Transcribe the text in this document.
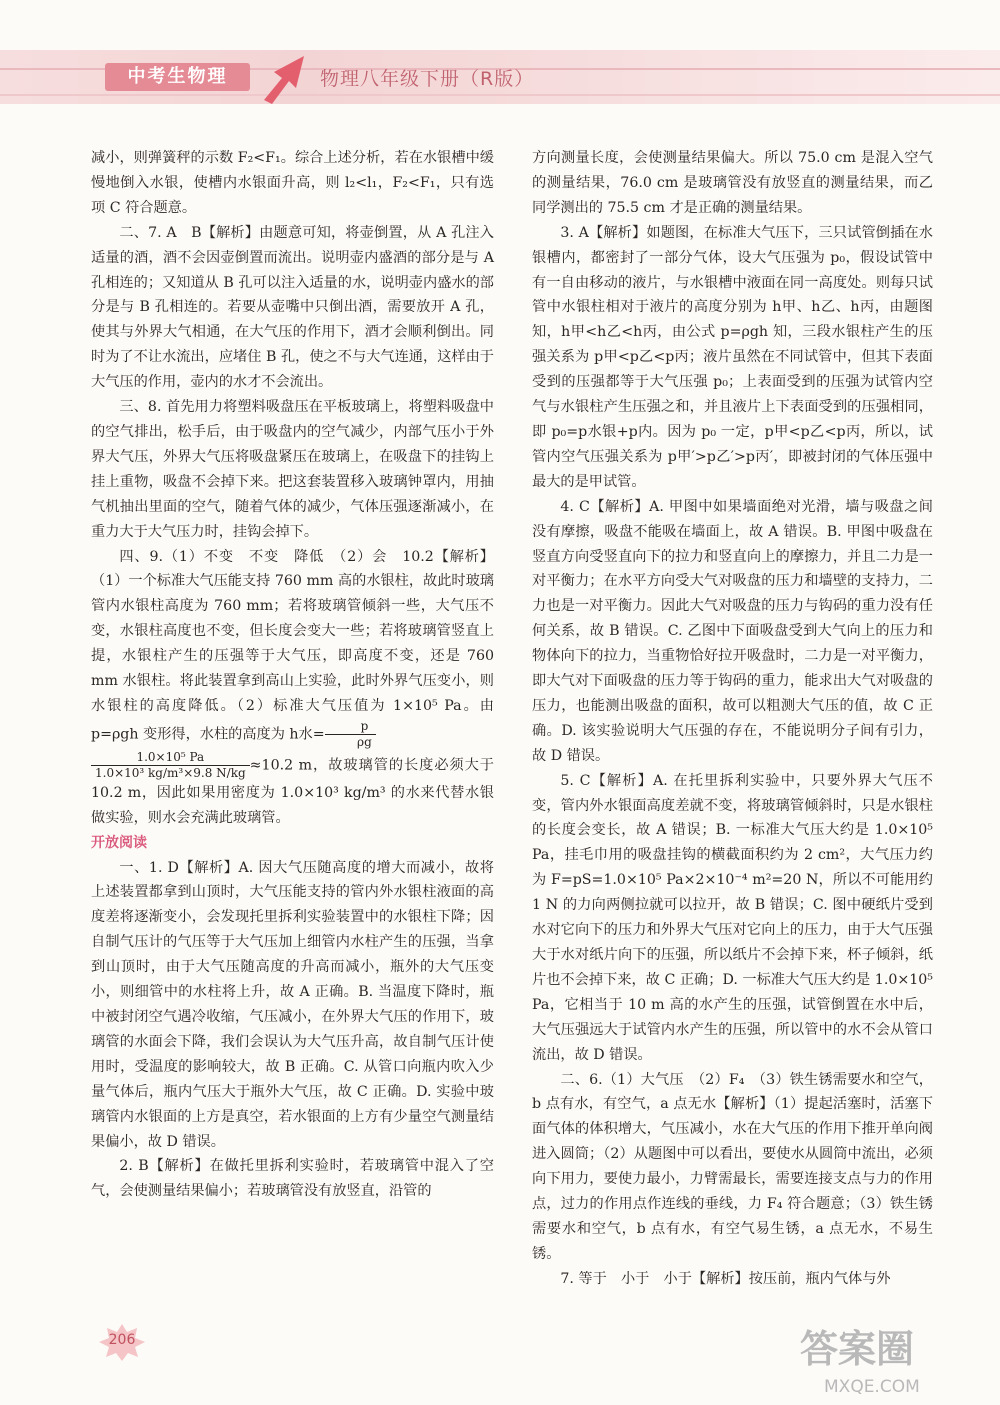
中考生物理	物理八年级下册（R版）

减小，则弹簧秤的示数 F₂<F₁。综合上述分析，若在水银槽中缓慢地倒入水银，使槽内水银面升高，则 l₂<l₁，F₂<F₁，只有选项 C 符合题意。

二、7. A　B【解析】由题意可知，将壶倒置，从 A 孔注入适量的酒，酒不会因壶倒置而流出。说明壶内盛酒的部分是与 A 孔相连的；又知道从 B 孔可以注入适量的水，说明壶内盛水的部分是与 B 孔相连的。若要从壶嘴中只倒出酒，需要放开 A 孔，使其与外界大气相通，在大气压的作用下，酒才会顺利倒出。同时为了不让水流出，应堵住 B 孔，使之不与大气连通，这样由于大气压的作用，壶内的水才不会流出。

三、8. 首先用力将塑料吸盘压在平板玻璃上，将塑料吸盘中的空气排出，松手后，由于吸盘内的空气减少，内部气压小于外界大气压，外界大气压将吸盘紧压在玻璃上，在吸盘下的挂钩上挂上重物，吸盘不会掉下来。把这套装置移入玻璃钟罩内，用抽气机抽出里面的空气，随着气体的减少，气体压强逐渐减小，在重力大于大气压力时，挂钩会掉下。

四、9.（1）不变　不变　降低　（2）会　10.2【解析】（1）一个标准大气压能支持 760 mm 高的水银柱，故此时玻璃管内水银柱高度为 760 mm；若将玻璃管倾斜一些，大气压不变，水银柱高度也不变，但长度会变大一些；若将玻璃管竖直上提，水银柱产生的压强等于大气压，即高度不变，还是 760 mm 水银柱。将此装置拿到高山上实验，此时外界气压变小，则水银柱的高度降低。（2）标准大气压值为 1×10⁵ Pa。由 p=ρgh 变形得，水柱的高度为 h水= $\frac{p}{\rho g}$

$\frac{\text{1.0×10⁵ Pa}}{\text{1.0×10³ kg/m³×9.8 N/kg}} \approx 10.2$ m，故玻璃管的长度必须大于 10.2 m，因此如果用密度为 1.0×10³ kg/m³ 的水来代替水银做实验，则水会充满此玻璃管。

开放阅读

一、1. D【解析】A. 因大气压随高度的增大而减小，故将上述装置都拿到山顶时，大气压能支持的管内外水银柱液面的高度差将逐渐变小，会发现托里拆利实验装置中的水银柱下降；因自制气压计的气压等于大气压加上细管内水柱产生的压强，当拿到山顶时，由于大气压随高度的升高而减小，瓶外的大气压变小，则细管中的水柱将上升，故 A 正确。B. 当温度下降时，瓶中被封闭空气遇冷收缩，气压减小，在外界大气压的作用下，玻璃管的水面会下降，我们会误认为大气压升高，故自制气压计使用时，受温度的影响较大，故 B 正确。C. 从管口向瓶内吹入少量气体后，瓶内气压大于瓶外大气压，故 C 正确。D. 实验中玻璃管内水银面的上方是真空，若水银面的上方有少量空气测量结果偏小，故 D 错误。

2. B【解析】在做托里拆利实验时，若玻璃管中混入了空气，会使测量结果偏小；若玻璃管没有放竖直，沿管的

方向测量长度，会使测量结果偏大。所以 75.0 cm 是混入空气的测量结果，76.0 cm 是玻璃管没有放竖直的测量结果，而乙同学测出的 75.5 cm 才是正确的测量结果。

3. A【解析】如题图，在标准大气压下，三只试管倒插在水银槽内，都密封了一部分气体，设大气压强为 p₀，假设试管中有一自由移动的液片，与水银槽中液面在同一高度处。则每只试管中水银柱相对于液片的高度分别为 h甲、h乙、h丙，由题图知，h甲<h乙<h丙，由公式 p=ρgh 知，三段水银柱产生的压强关系为 p甲<p乙<p丙；液片虽然在不同试管中，但其下表面受到的压强都等于大气压强 p₀；上表面受到的压强为试管内空气与水银柱产生压强之和，并且液片上下表面受到的压强相同，即 p₀=p水银+p内。因为 p₀ 一定，p甲<p乙<p丙，所以，试管内空气压强关系为 p甲′>p乙′>p丙′，即被封闭的气体压强中最大的是甲试管。

4. C【解析】A. 甲图中如果墙面绝对光滑，墙与吸盘之间没有摩擦，吸盘不能吸在墙面上，故 A 错误。B. 甲图中吸盘在竖直方向受竖直向下的拉力和竖直向上的摩擦力，并且二力是一对平衡力；在水平方向受大气对吸盘的压力和墙壁的支持力，二力也是一对平衡力。因此大气对吸盘的压力与钩码的重力没有任何关系，故 B 错误。C. 乙图中下面吸盘受到大气向上的压力和物体向下的拉力，当重物恰好拉开吸盘时，二力是一对平衡力，即大气对下面吸盘的压力等于钩码的重力，能求出大气对吸盘的压力，也能测出吸盘的面积，故可以粗测大气压的值，故 C 正确。D. 该实验说明大气压强的存在，不能说明分子间有引力，故 D 错误。

5. C【解析】A. 在托里拆利实验中，只要外界大气压不变，管内外水银面高度差就不变，将玻璃管倾斜时，只是水银柱的长度会变长，故 A 错误；B. 一标准大气压大约是 1.0×10⁵ Pa，挂毛巾用的吸盘挂钩的横截面积约为 2 cm²，大气压力约为 F=pS=1.0×10⁵ Pa×2×10⁻⁴ m²=20 N，所以不可能用约 1 N 的力向两侧拉就可以拉开，故 B 错误；C. 图中硬纸片受到水对它向下的压力和外界大气压对它向上的压力，由于大气压强大于水对纸片向下的压强，所以纸片不会掉下来，杯子倾斜，纸片也不会掉下来，故 C 正确；D. 一标准大气压大约是 1.0×10⁵ Pa，它相当于 10 m 高的水产生的压强，试管倒置在水中后，大气压强远大于试管内水产生的压强，所以管中的水不会从管口流出，故 D 错误。

二、6.（1）大气压　（2）F₄　（3）铁生锈需要水和空气，b 点有水，有空气，a 点无水【解析】（1）提起活塞时，活塞下面气体的体积增大，气压减小，水在大气压的作用下推开单向阀进入圆筒；（2）从题图中可以看出，要使水从圆筒中流出，必须向下用力，要使力最小，力臂需最长，需要连接支点与力的作用点，过力的作用点作连线的垂线，力 F₄ 符合题意；（3）铁生锈需要水和空气，b 点有水，有空气易生锈，a 点无水，不易生锈。

7. 等于　小于　小于【解析】按压前，瓶内气体与外

206	答案圈
MXQE.COM
